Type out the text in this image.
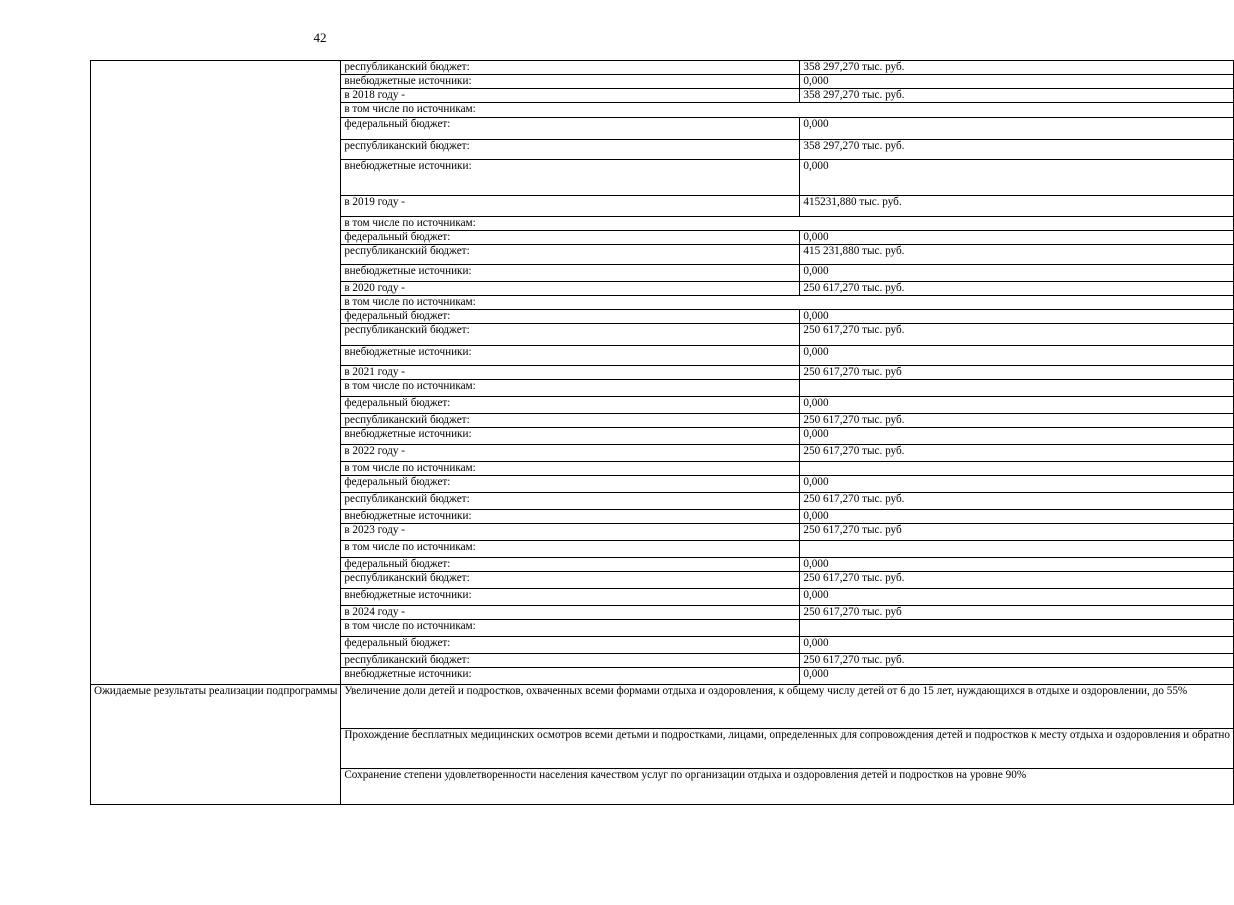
42
	республиканский бюджет:	358 297,270 тыс. руб.
	внебюджетные источники:	0,000
	в 2018 году -	358 297,270 тыс. руб.
	в том числе по источникам:	
	федеральный бюджет:	0,000
	республиканский бюджет:	358 297,270 тыс. руб.
	внебюджетные источники:	0,000
	в 2019 году -	415231,880 тыс. руб.
	в том числе по источникам:	
	федеральный бюджет:	0,000
	республиканский бюджет:	415 231,880 тыс. руб.
	внебюджетные источники:	0,000
	в 2020 году -	250 617,270 тыс. руб.
	в том числе по источникам:	
	федеральный бюджет:	0,000
	республиканский бюджет:	250 617,270 тыс. руб.
	внебюджетные источники:	0,000
	в 2021 году -	250 617,270 тыс. руб
	в том числе по источникам:	
	федеральный бюджет:	0,000
	республиканский бюджет:	250 617,270 тыс. руб.
	внебюджетные источники:	0,000
	в 2022 году -	250 617,270 тыс. руб.
	в том числе по источникам:	
	федеральный бюджет:	0,000
	республиканский бюджет:	250 617,270 тыс. руб.
	внебюджетные источники:	0,000
	в 2023 году -	250 617,270 тыс. руб
	в том числе по источникам:	
	федеральный бюджет:	0,000
	республиканский бюджет:	250 617,270 тыс. руб.
	внебюджетные источники:	0,000
	в 2024 году -	250 617,270 тыс. руб
	в том числе по источникам:	
	федеральный бюджет:	0,000
	республиканский бюджет:	250 617,270 тыс. руб.
	внебюджетные источники:	0,000
Ожидаемые результаты реализации подпрограммы	Увеличение доли детей и подростков, охваченных всеми формами отдыха и оздоровления, к общему числу детей от 6 до 15 лет, нуждающихся в отдыхе и оздоровлении, до 55%	
	Прохождение бесплатных медицинских осмотров всеми детьми и подростками, лицами, определенных для сопровождения детей и подростков к месту отдыха и оздоровления и обратно	
	Сохранение степени удовлетворенности населения качеством услуг по организации отдыха и оздоровления детей и подростков на уровне 90%	
